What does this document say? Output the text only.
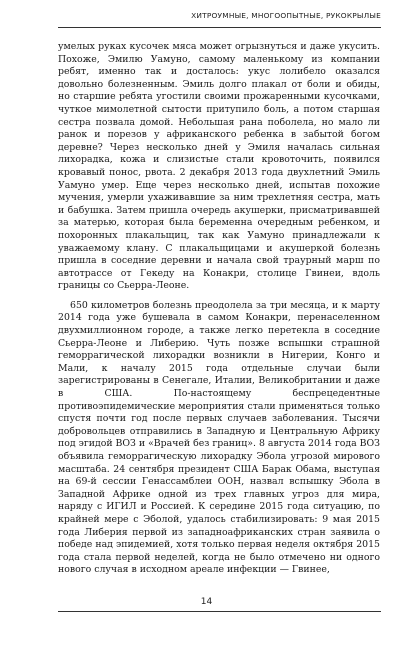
ХИТРОУМНЫЕ, МНОГООПЫТНЫЕ, РУКОКРЫЛЫЕ

умелых руках кусочек мяса может огрызнуться и даже укусить. Похоже, Эмилю Уамуно, самому маленькому из компании ребят, именно так и досталось: укус лолибело оказался довольно болезненным. Эмиль долго плакал от боли и обиды, но старшие ребята угостили своими прожаренными кусочками, чуткое мимолетной сытости притупило боль, а потом старшая сестра позвала домой. Небольшая рана поболела, но мало ли ранок и порезов у африканского ребенка в забытой богом деревне? Через несколько дней у Эмиля началась сильная лихорадка, кожа и слизистые стали кровоточить, появился кровавый понос, рвота. 2 декабря 2013 года двухлетний Эмиль Уамуно умер. Еще через несколько дней, испытав похожие мучения, умерли ухаживавшие за ним трехлетняя сестра, мать и бабушка. Затем пришла очередь акушерки, присматривавшей за матерью, которая была беременна очередным ребенком, и похоронных плакальщиц, так как Уамуно принадлежали к уважаемому клану. С плакальщицами и акушеркой болезнь пришла в соседние деревни и начала свой траурный марш по автотрассе от Гекеду на Конакри, столице Гвинеи, вдоль границы со Сьерра-Леоне.

650 километров болезнь преодолела за три месяца, и к марту 2014 года уже бушевала в самом Конакри, перенаселенном двухмиллионном городе, а также легко перетекла в соседние Сьерра-Леоне и Либерию. Чуть позже вспышки страшной геморрагической лихорадки возникли в Нигерии, Конго и Мали, к началу 2015 года отдельные случаи были зарегистрированы в Сенегале, Италии, Великобритании и даже в США. По-настоящему беспрецедентные противоэпидемические мероприятия стали применяться только спустя почти год после первых случаев заболевания. Тысячи добровольцев отправились в Западную и Центральную Африку под эгидой ВОЗ и «Врачей без границ». 8 августа 2014 года ВОЗ объявила геморрагическую лихорадку Эбола угрозой мирового масштаба. 24 сентября президент США Барак Обама, выступая на 69-й сессии Генассамблеи ООН, назвал вспышку Эбола в Западной Африке одной из трех главных угроз для мира, наряду с ИГИЛ и Россией. К середине 2015 года ситуацию, по крайней мере с Эболой, удалось стабилизировать: 9 мая 2015 года Либерия первой из западноафриканских стран заявила о победе над эпидемией, хотя только первая неделя октября 2015 года стала первой неделей, когда не было отмечено ни одного нового случая в исходном ареале инфекции — Гвинее,

14
